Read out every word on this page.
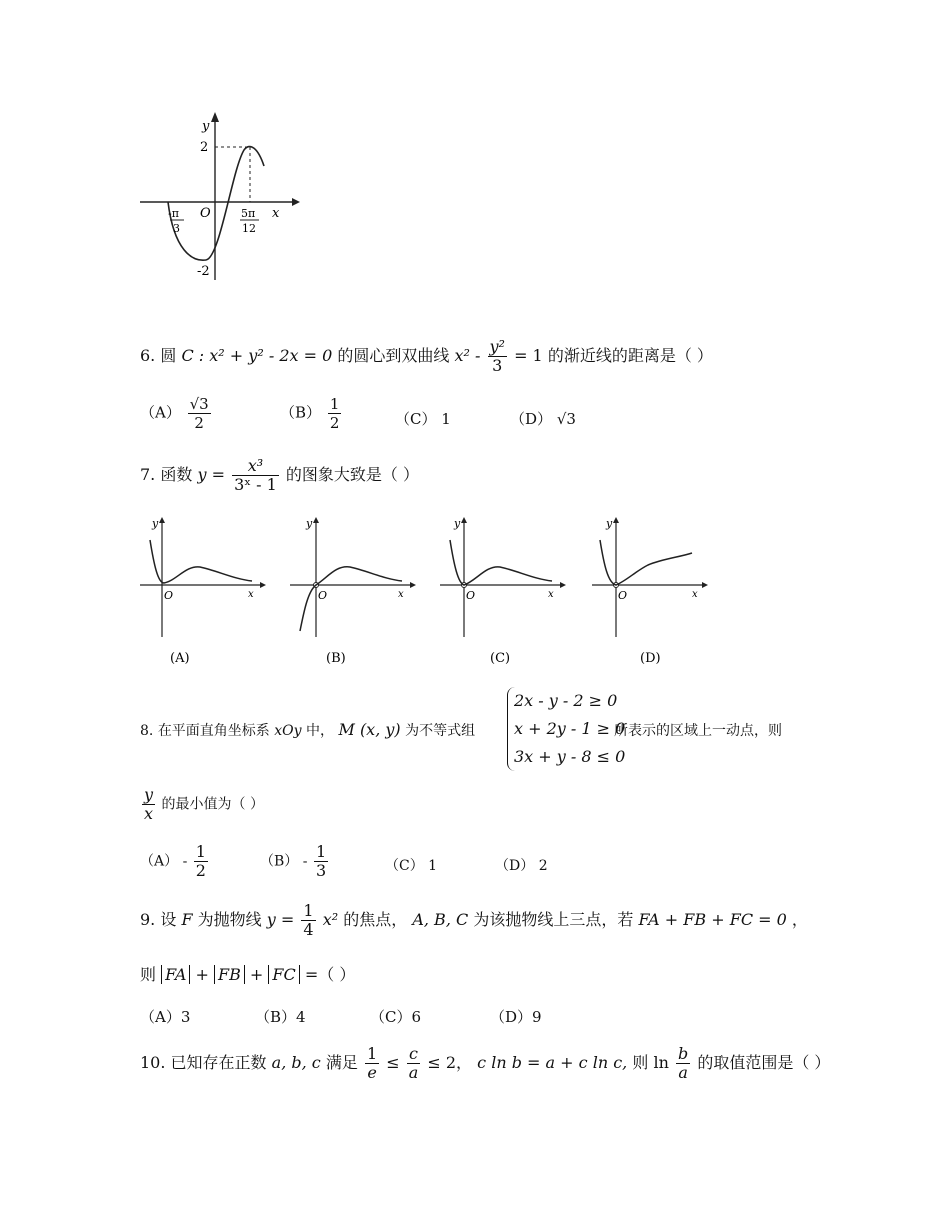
y
2
O	x
-π
3
5π
12
-2
6. 圆 C : x² + y² - 2x = 0 的圆心到双曲线 $x^2 - \frac{\text{y²}}{3} = 1$ 的渐近线的距离是（ ）
$(A) \frac{√3}{2}$	$(B) \frac{1}{2}$	（C） 1	（D） √3
7. 函数 $y = \frac{\text{x³}}{\text{3ˣ - 1}}$ 的图象大致是（ ）
y
O	x
(A)
y
O	x
(B)
y
O	x
(C)
y
O	x
(D)
8. 在平面直角坐标系 xOy 中， M (x, y) 为不等式组
2x - y - 2 ≥ 0
x + 2y - 1 ≥ 0
3x + y - 8 ≤ 0
所表示的区域上一动点，则
$\frac{y}{x}$ 的最小值为（ ）
$(A) - \frac{1}{2}$	$(B) - \frac{1}{3}$	（C） 1	（D） 2
9. 设 F 为抛物线 $y = \frac{1}{4} x^2$ 的焦点， A, B, C 为该抛物线上三点，若 FA + FB + FC = 0 ，
则 FA + FB + FC =（ ）
（A）3	（B）4	（C）6	（D）9
10. 已知存在正数 a, b, c 满足 $\frac{1}{e} \le \frac{c}{a} \le 2$， c ln b = a + c ln c, 则 $\ln \frac{b}{a}$ 的取值范围是（ ）
